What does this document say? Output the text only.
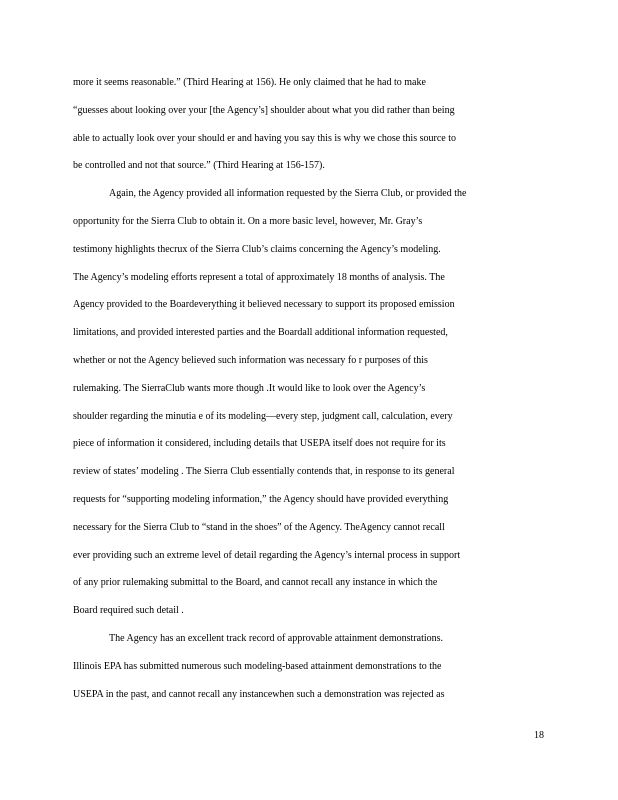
more it seems reasonable.” (Third Hearing at 156). He only claimed that he had to make
“guesses about looking over your [the Agency’s] shoulder about what you did rather than being
able to actually look over your should er and having you say this is why we chose this source to
be controlled and not that source.” (Third Hearing at 156-157).
Again, the Agency provided all information requested by the Sierra Club, or provided the
opportunity for the Sierra Club to obtain it. On a more basic level, however, Mr. Gray’s
testimony highlights thecrux of the Sierra Club’s claims concerning the Agency’s modeling.
The Agency’s modeling efforts represent a total of approximately 18 months of analysis. The
Agency provided to the Boardeverything it believed necessary to support its proposed emission
limitations, and provided interested parties and the Boardall additional information requested,
whether or not the Agency believed such information was necessary fo r purposes of this
rulemaking. The SierraClub wants more though .It would like to look over the Agency’s
shoulder regarding the minutia e of its modeling—every step, judgment call, calculation, every
piece of information it considered, including details that USEPA itself does not require for its
review of states’ modeling . The Sierra Club essentially contends that, in response to its general
requests for “supporting modeling information,” the Agency should have provided everything
necessary for the Sierra Club to “stand in the shoes” of the Agency. TheAgency cannot recall
ever providing such an extreme level of detail regarding the Agency’s internal process in support
of any prior rulemaking submittal to the Board, and cannot recall any instance in which the
Board required such detail .
The Agency has an excellent track record of approvable attainment demonstrations.
Illinois EPA has submitted numerous such modeling-based attainment demonstrations to the
USEPA in the past, and cannot recall any instancewhen such a demonstration was rejected as
18
